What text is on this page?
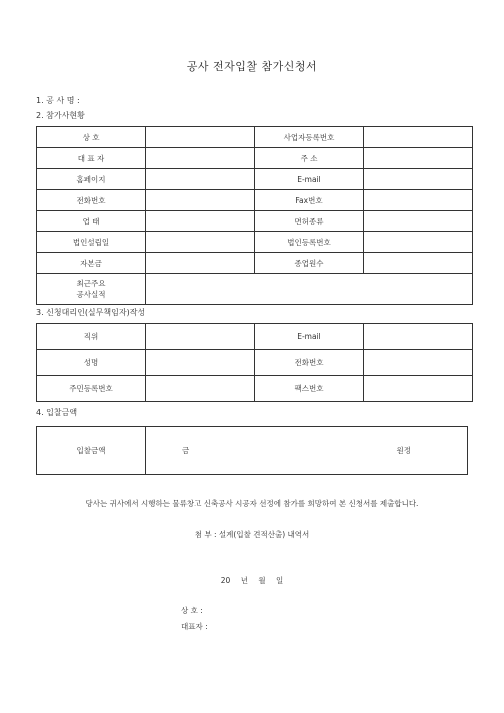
공사 전자입찰 참가신청서
1. 공 사 명 :
2. 참가사현황
상 호		사업자등록번호	
대 표 자		주 소	
홈페이지		E-mail	
전화번호		Fax번호	
업 태		면허종류	
법인설립일		법인등록번호	
자본금		종업원수	

최근주요
공사실적			

3. 신청대리인(실무책임자)작성
직위		E-mail	
성명		전화번호	
주민등록번호		팩스번호	
4. 입찰금액
입찰금액	금	원정
당사는 귀사에서 시행하는 물류창고 신축공사 시공자 선정에 참가를 희망하여 본 신청서를 제출합니다.
첨 부 : 설계(입찰 견적산출) 내역서
20 년 월 일
상 호 :
대표자 :
